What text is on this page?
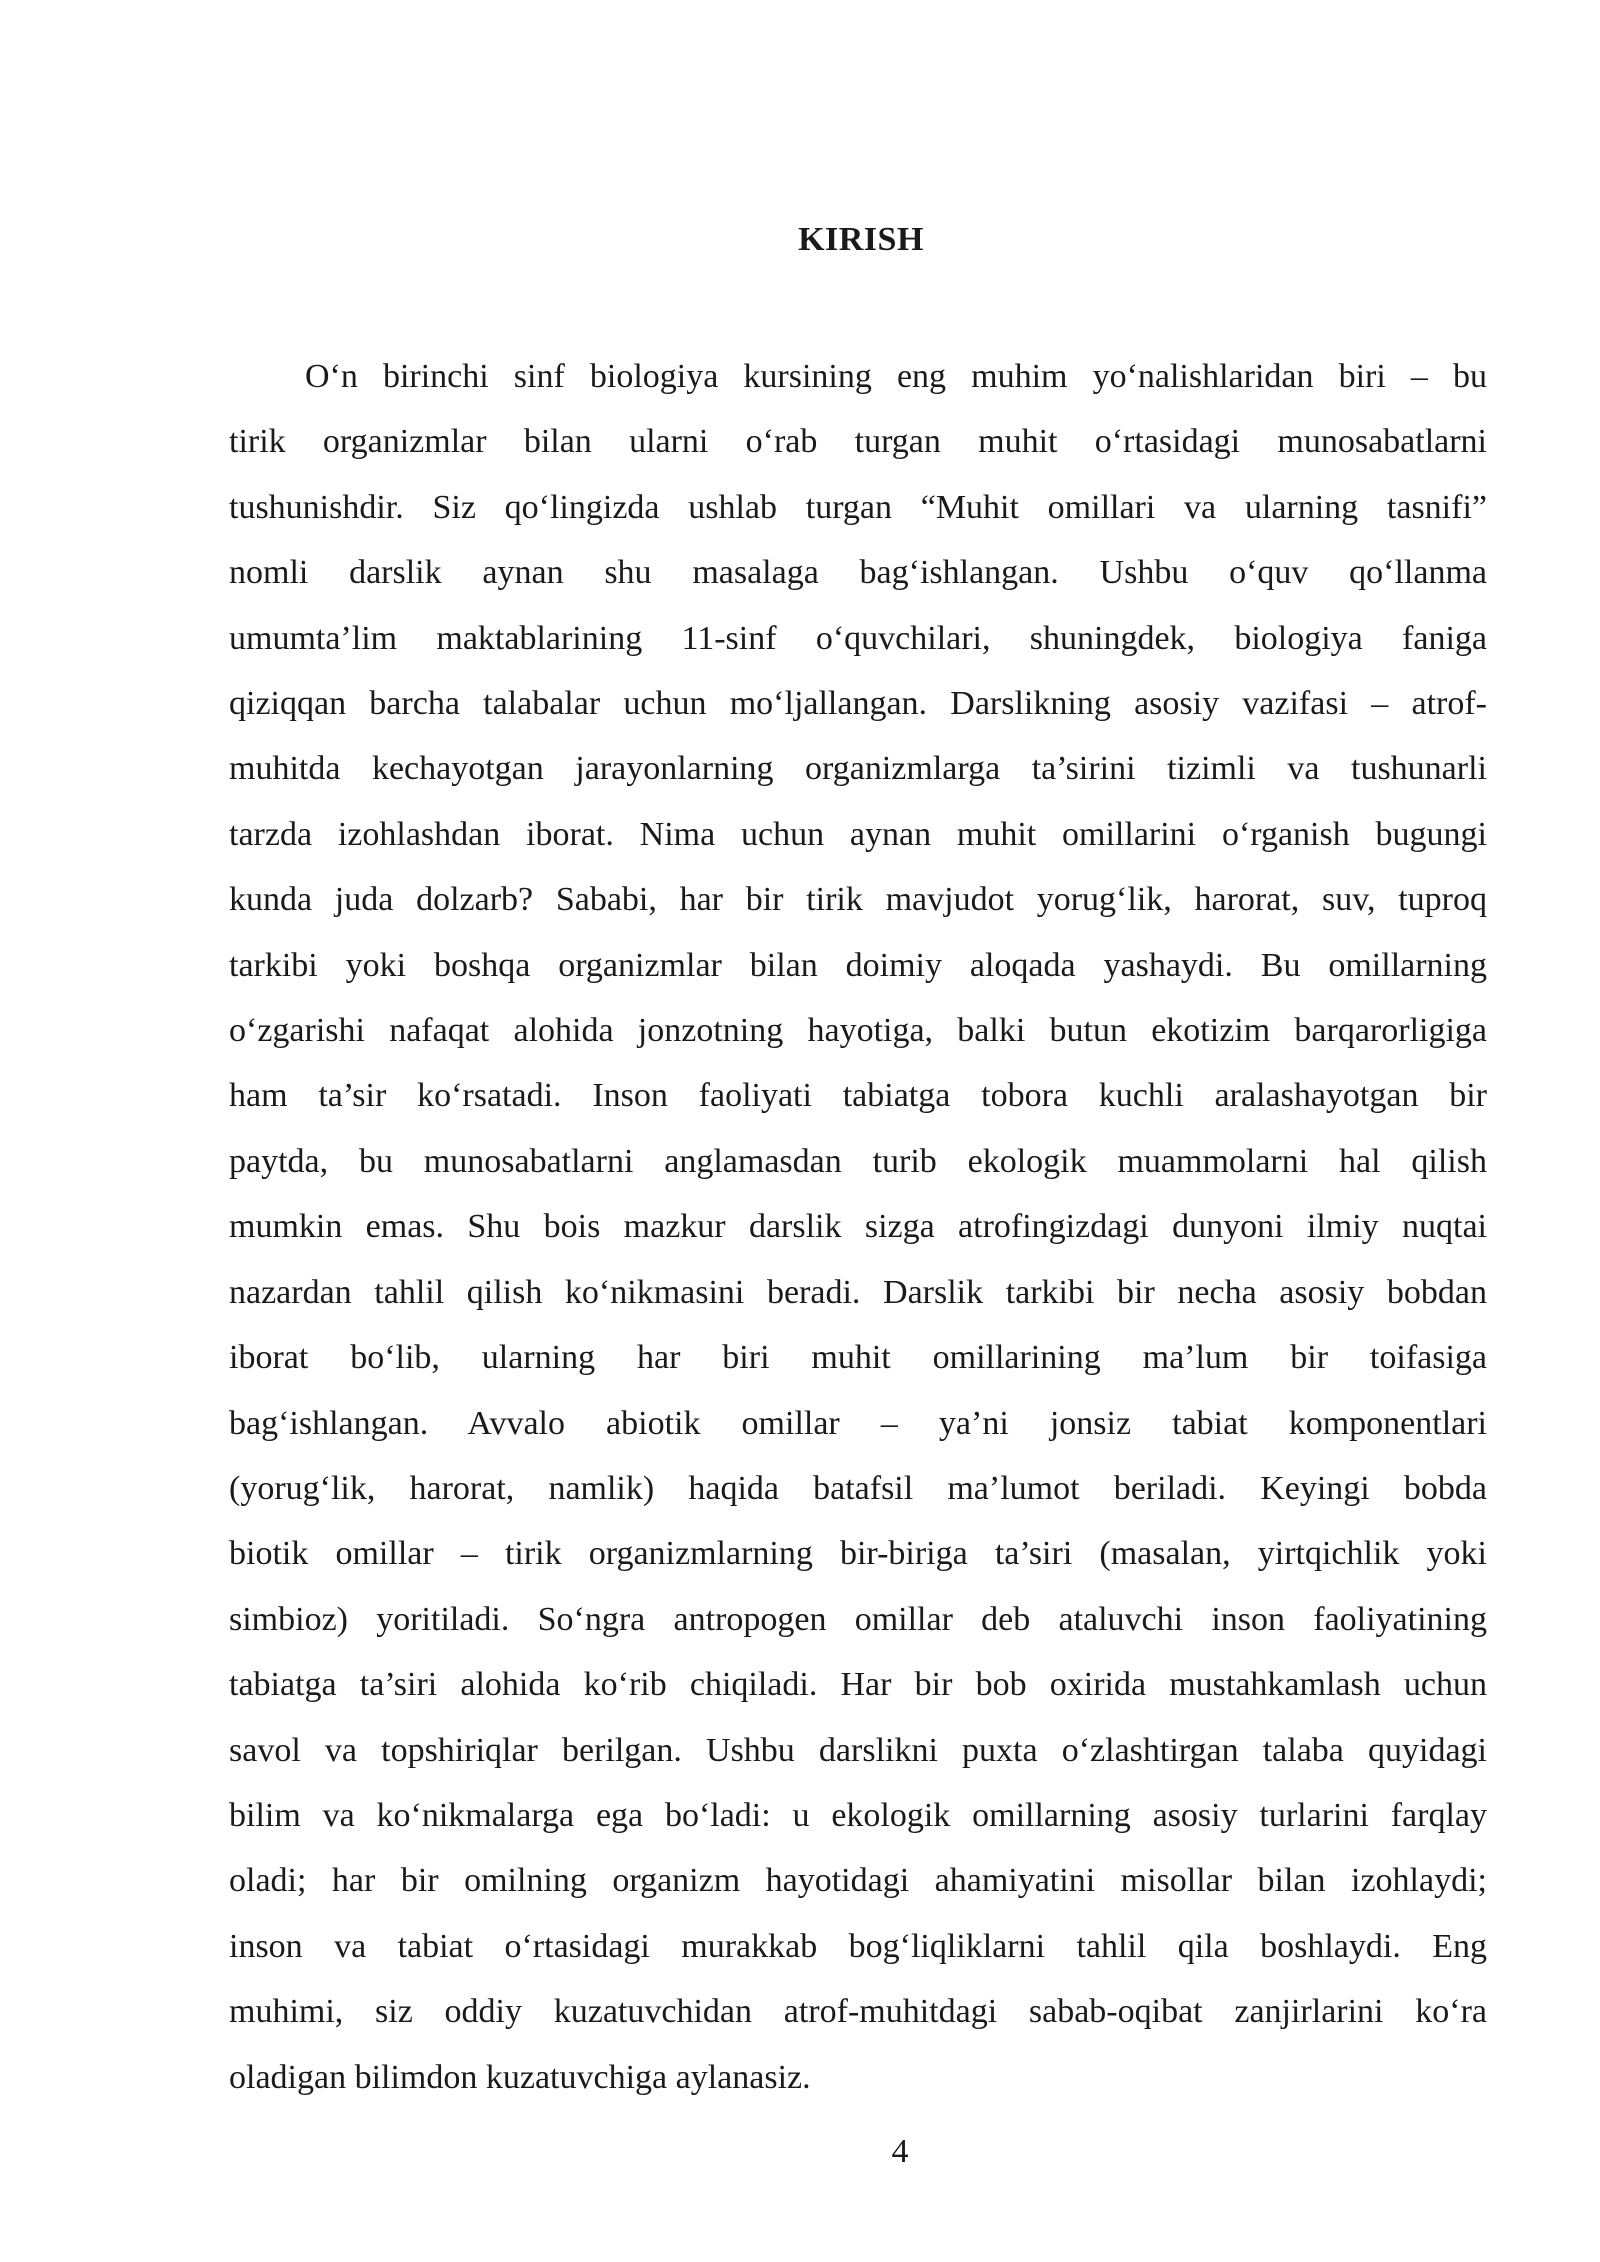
KIRISH
O‘n birinchi sinf biologiya kursining eng muhim yo‘nalishlaridan biri – bu
tirik organizmlar bilan ularni o‘rab turgan muhit o‘rtasidagi munosabatlarni
tushunishdir. Siz qo‘lingizda ushlab turgan “Muhit omillari va ularning tasnifi”
nomli darslik aynan shu masalaga bag‘ishlangan. Ushbu o‘quv qo‘llanma
umumta’lim maktablarining 11-sinf o‘quvchilari, shuningdek, biologiya faniga
qiziqqan barcha talabalar uchun mo‘ljallangan. Darslikning asosiy vazifasi – atrof-
muhitda kechayotgan jarayonlarning organizmlarga ta’sirini tizimli va tushunarli
tarzda izohlashdan iborat. Nima uchun aynan muhit omillarini o‘rganish bugungi
kunda juda dolzarb? Sababi, har bir tirik mavjudot yorug‘lik, harorat, suv, tuproq
tarkibi yoki boshqa organizmlar bilan doimiy aloqada yashaydi. Bu omillarning
o‘zgarishi nafaqat alohida jonzotning hayotiga, balki butun ekotizim barqarorligiga
ham ta’sir ko‘rsatadi. Inson faoliyati tabiatga tobora kuchli aralashayotgan bir
paytda, bu munosabatlarni anglamasdan turib ekologik muammolarni hal qilish
mumkin emas. Shu bois mazkur darslik sizga atrofingizdagi dunyoni ilmiy nuqtai
nazardan tahlil qilish ko‘nikmasini beradi. Darslik tarkibi bir necha asosiy bobdan
iborat bo‘lib, ularning har biri muhit omillarining ma’lum bir toifasiga
bag‘ishlangan. Avvalo abiotik omillar – ya’ni jonsiz tabiat komponentlari
(yorug‘lik, harorat, namlik) haqida batafsil ma’lumot beriladi. Keyingi bobda
biotik omillar – tirik organizmlarning bir-biriga ta’siri (masalan, yirtqichlik yoki
simbioz) yoritiladi. So‘ngra antropogen omillar deb ataluvchi inson faoliyatining
tabiatga ta’siri alohida ko‘rib chiqiladi. Har bir bob oxirida mustahkamlash uchun
savol va topshiriqlar berilgan. Ushbu darslikni puxta o‘zlashtirgan talaba quyidagi
bilim va ko‘nikmalarga ega bo‘ladi: u ekologik omillarning asosiy turlarini farqlay
oladi; har bir omilning organizm hayotidagi ahamiyatini misollar bilan izohlaydi;
inson va tabiat o‘rtasidagi murakkab bog‘liqliklarni tahlil qila boshlaydi. Eng
muhimi, siz oddiy kuzatuvchidan atrof-muhitdagi sabab-oqibat zanjirlarini ko‘ra
oladigan bilimdon kuzatuvchiga aylanasiz.

4
